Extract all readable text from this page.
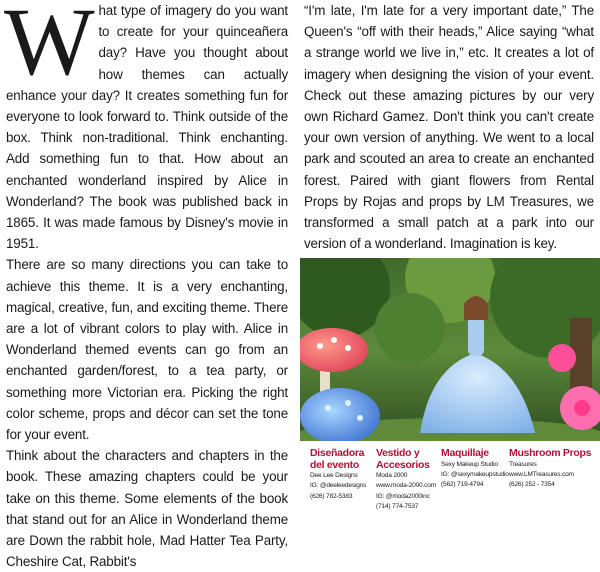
What type of imagery do you want to create for your quinceañera day? Have you thought about how themes can actually enhance your day? It creates something fun for everyone to look forward to. Think outside of the box. Think non-traditional. Think enchanting. Add something fun to that. How about an enchanted wonderland inspired by Alice in Wonderland? The book was published back in 1865. It was made famous by Disney's movie in 1951.

There are so many directions you can take to achieve this theme. It is a very enchanting, magical, creative, fun, and exciting theme. There are a lot of vibrant colors to play with. Alice in Wonderland themed events can go from an enchanted garden/forest, to a tea party, or something more Victorian era. Picking the right color scheme, props and décor can set the tone for your event.

Think about the characters and chapters in the book. These amazing chapters could be your take on this theme. Some elements of the book that stand out for an Alice in Wonderland theme are Down the rabbit hole, Mad Hatter Tea Party, Cheshire Cat, Rabbit's

“I'm late, I'm late for a very important date,” The Queen's “off with their heads,” Alice saying “what a strange world we live in,” etc. It creates a lot of imagery when designing the vision of your event. Check out these amazing pictures by our very own Richard Gamez. Don't think you can't create your own version of anything. We went to a local park and scouted an area to create an enchanted forest. Paired with giant flowers from Rental Props by Rojas and props by LM Treasures, we transformed a small patch at a park into our version of a wonderland. Imagination is key.

Diseñadora
del evento
Dee Lee Designs
IG: @deeleedesigns
(626) 782-5383
Vestido y
Accesorios
Moda 2000
www.moda-2000.com
IG: @moda2000inc
(714) 774-7537
Maquillaje
Sexy Makeup Studio
IG: @sexymakeupstudio
(562) 719-4794
Mushroom Props
Treasures
www.LMTreasures.com
(626) 252 - 7354
